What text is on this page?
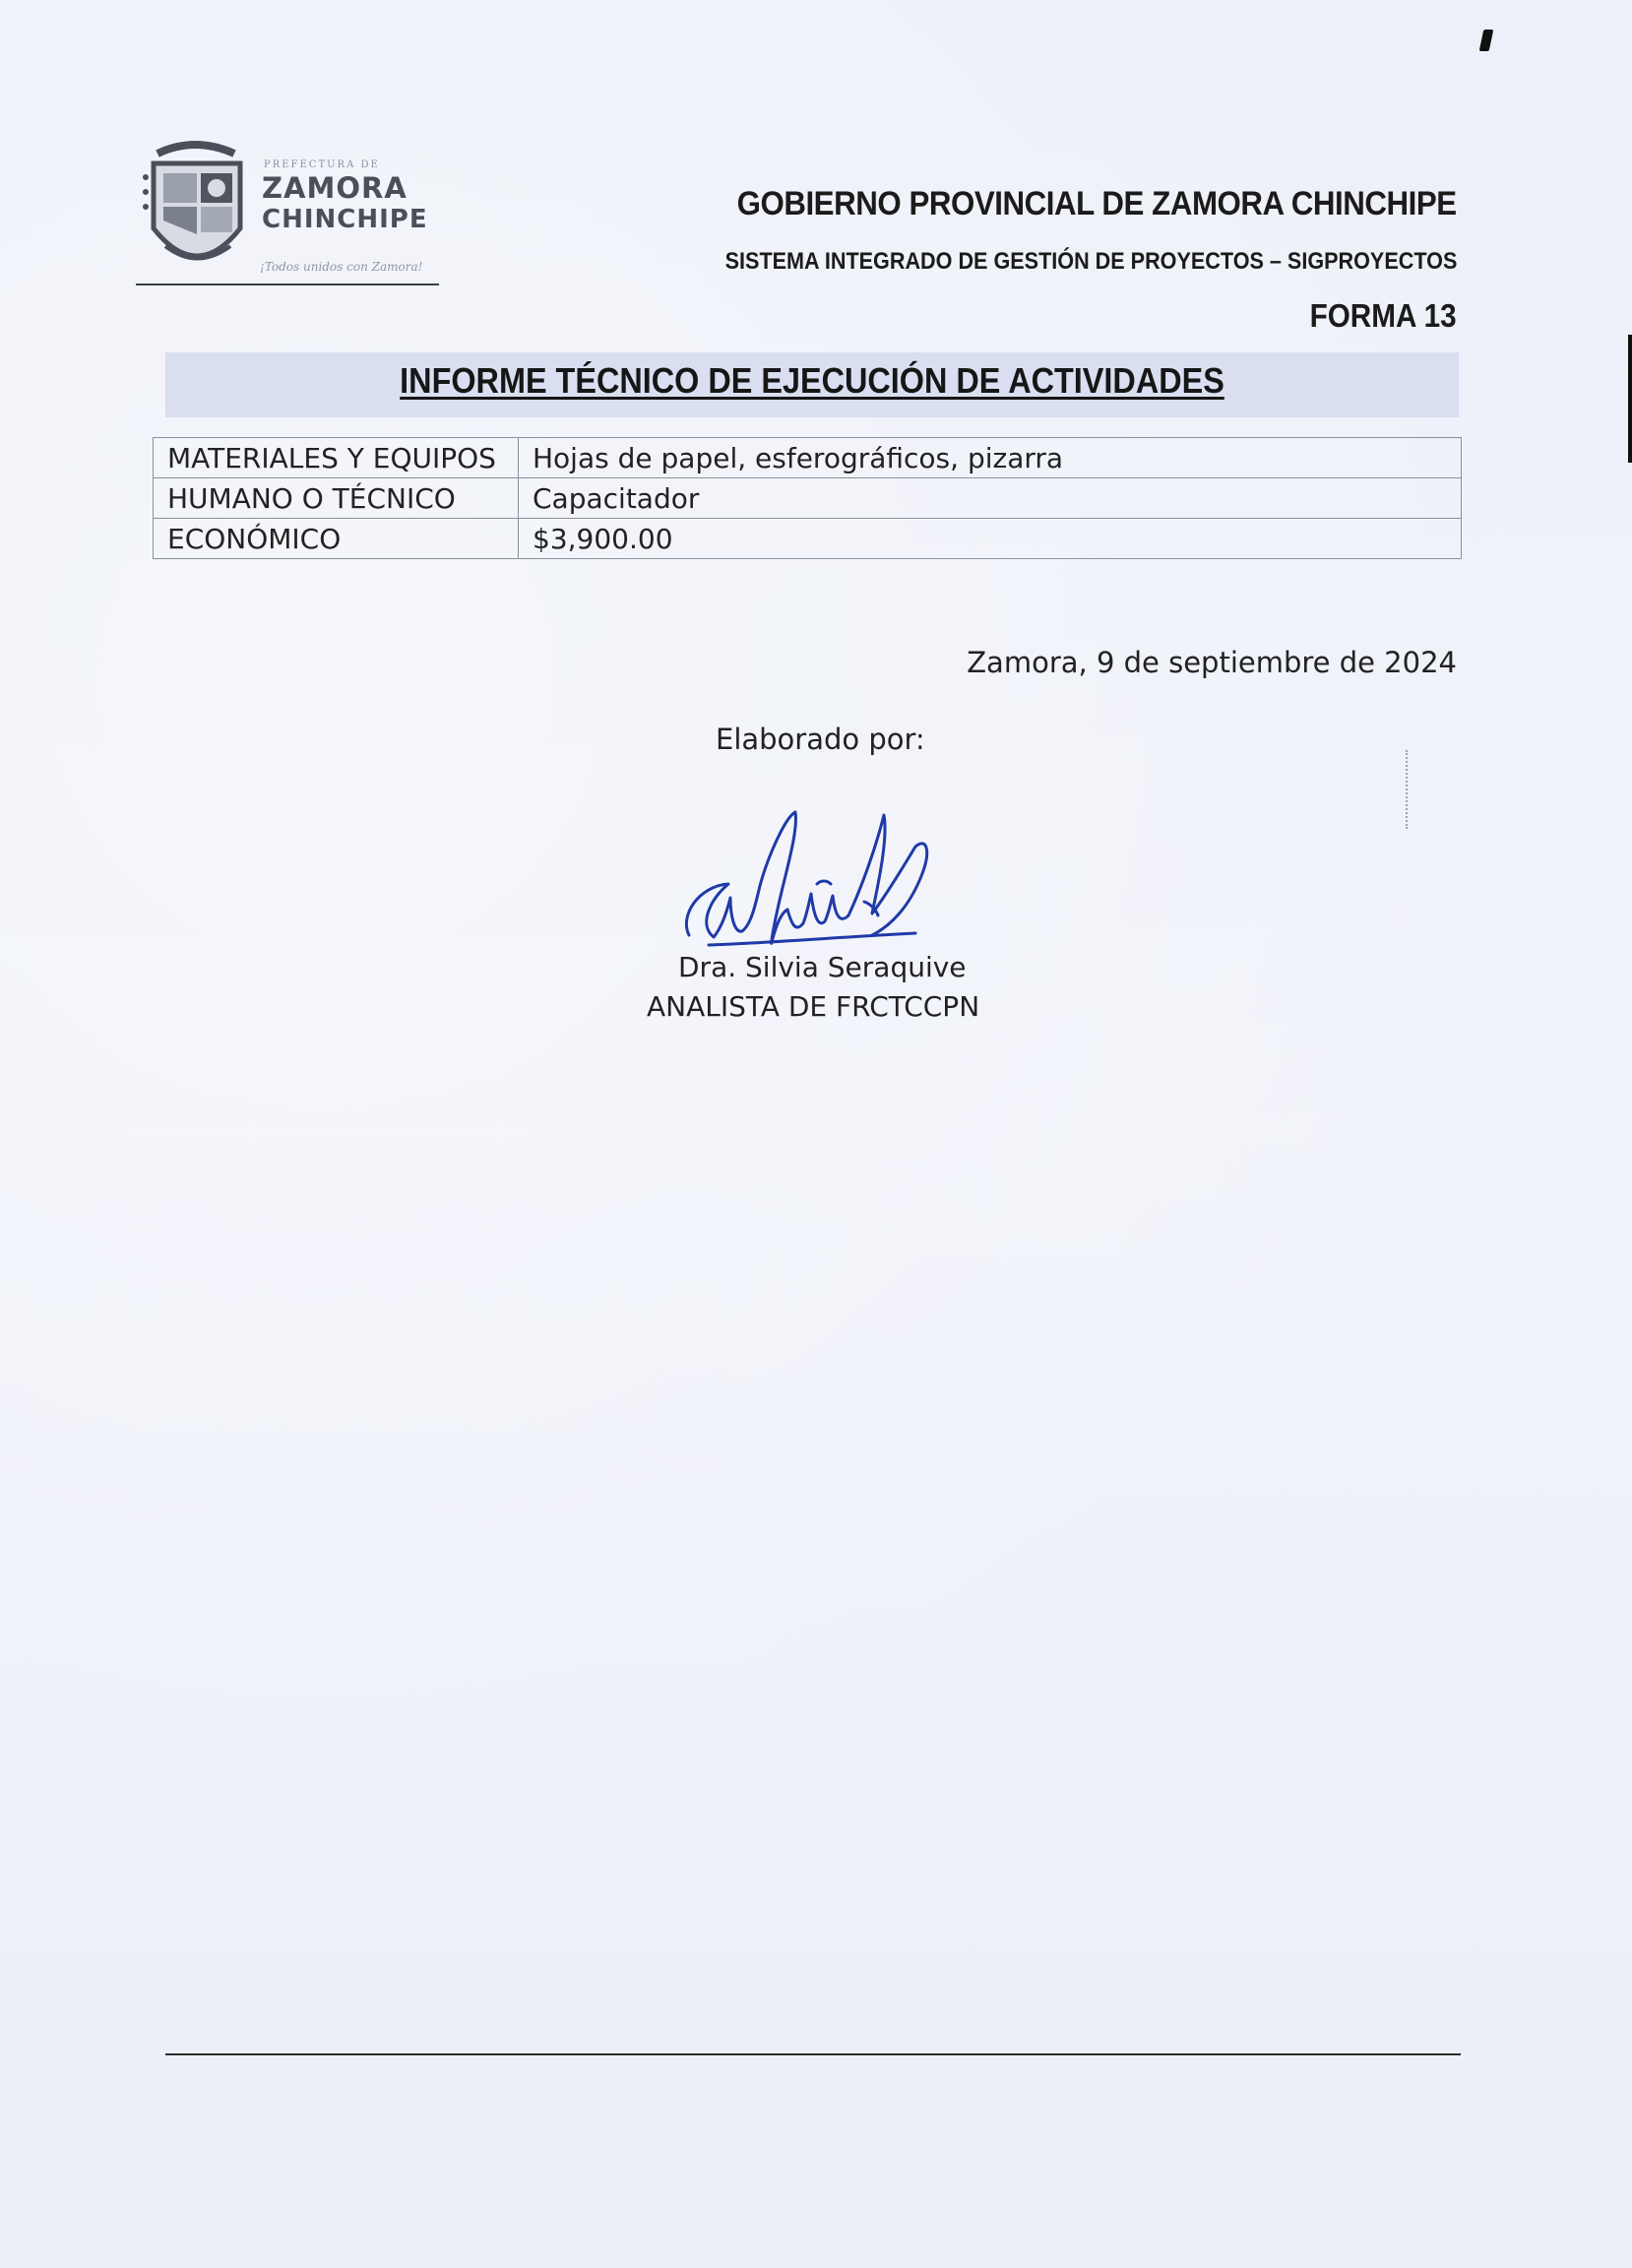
PREFECTURA DE
ZAMORA
CHINCHIPE
¡Todos unidos con Zamora!
GOBIERNO PROVINCIAL DE ZAMORA CHINCHIPE
SISTEMA INTEGRADO DE GESTIÓN DE PROYECTOS – SIGPROYECTOS
FORMA 13
INFORME TÉCNICO DE EJECUCIÓN DE ACTIVIDADES
MATERIALES Y EQUIPOS	Hojas de papel, esferográficos, pizarra
HUMANO O TÉCNICO	Capacitador
ECONÓMICO	$3,900.00
Zamora, 9 de septiembre de 2024
Elaborado por:
Dra. Silvia Seraquive
ANALISTA DE FRCTCCPN
